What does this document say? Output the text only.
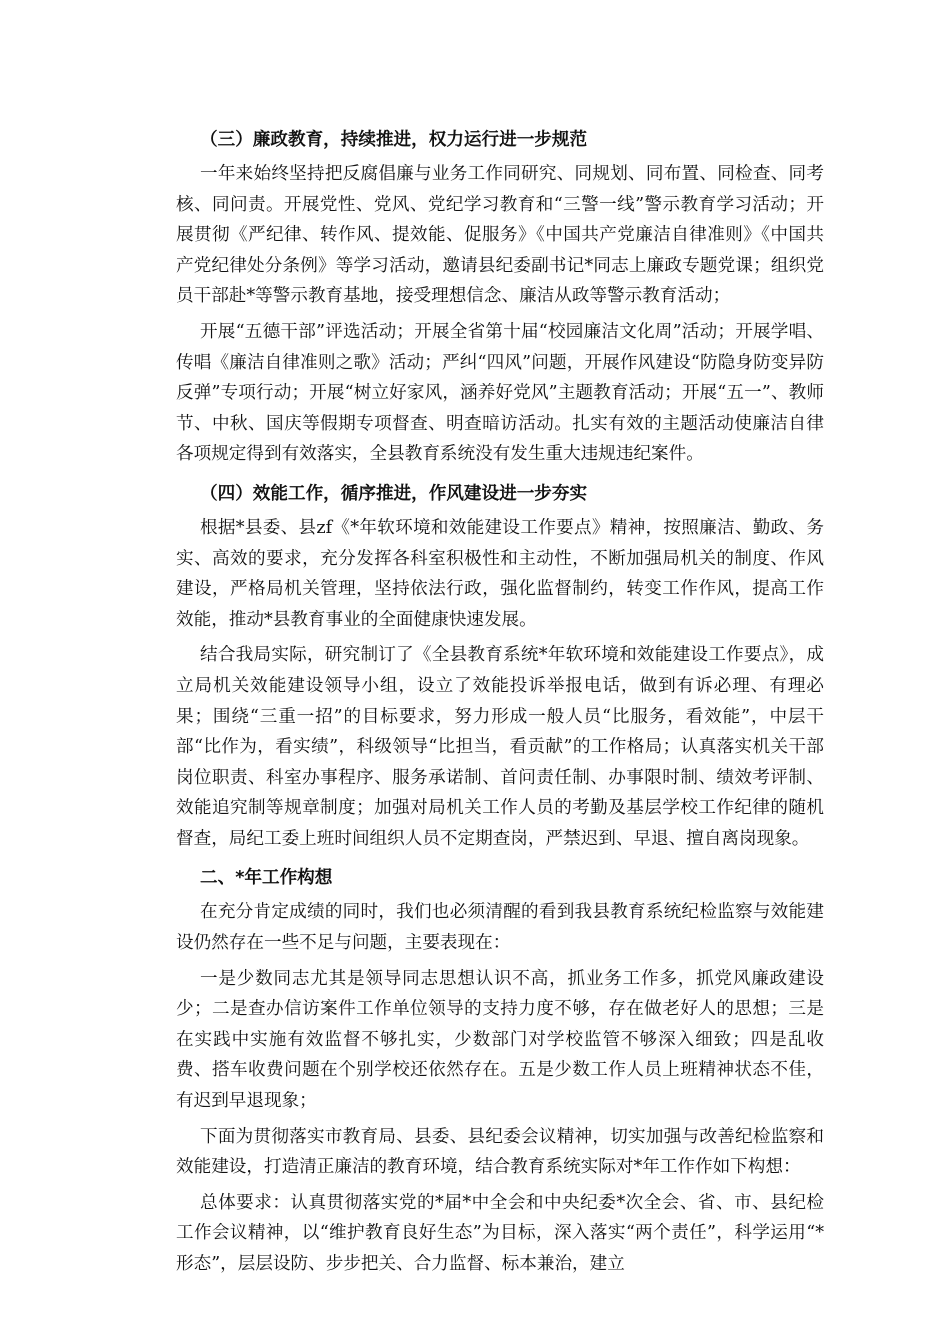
（三）廉政教育，持续推进，权力运行进一步规范

一年来始终坚持把反腐倡廉与业务工作同研究、同规划、同布置、同检查、同考核、同问责。开展党性、党风、党纪学习教育和“三警一线”警示教育学习活动；开展贯彻《严纪律、转作风、提效能、促服务》《中国共产党廉洁自律准则》《中国共产党纪律处分条例》等学习活动，邀请县纪委副书记*同志上廉政专题党课；组织党员干部赴*等警示教育基地，接受理想信念、廉洁从政等警示教育活动；

开展“五德干部”评选活动；开展全省第十届“校园廉洁文化周”活动；开展学唱、传唱《廉洁自律准则之歌》活动；严纠“四风”问题，开展作风建设“防隐身防变异防反弹”专项行动；开展“树立好家风，涵养好党风”主题教育活动；开展“五一”、教师节、中秋、国庆等假期专项督查、明查暗访活动。扎实有效的主题活动使廉洁自律各项规定得到有效落实，全县教育系统没有发生重大违规违纪案件。

（四）效能工作，循序推进，作风建设进一步夯实

根据*县委、县zf《*年软环境和效能建设工作要点》精神，按照廉洁、勤政、务实、高效的要求，充分发挥各科室积极性和主动性，不断加强局机关的制度、作风建设，严格局机关管理，坚持依法行政，强化监督制约，转变工作作风，提高工作效能，推动*县教育事业的全面健康快速发展。

结合我局实际，研究制订了《全县教育系统*年软环境和效能建设工作要点》，成立局机关效能建设领导小组，设立了效能投诉举报电话，做到有诉必理、有理必果；围绕“三重一招”的目标要求，努力形成一般人员“比服务，看效能”，中层干部“比作为，看实绩”，科级领导“比担当，看贡献”的工作格局；认真落实机关干部岗位职责、科室办事程序、服务承诺制、首问责任制、办事限时制、绩效考评制、效能追究制等规章制度；加强对局机关工作人员的考勤及基层学校工作纪律的随机督查，局纪工委上班时间组织人员不定期查岗，严禁迟到、早退、擅自离岗现象。

二、*年工作构想

在充分肯定成绩的同时，我们也必须清醒的看到我县教育系统纪检监察与效能建设仍然存在一些不足与问题，主要表现在：

一是少数同志尤其是领导同志思想认识不高，抓业务工作多，抓党风廉政建设少；二是查办信访案件工作单位领导的支持力度不够，存在做老好人的思想；三是在实践中实施有效监督不够扎实，少数部门对学校监管不够深入细致；四是乱收费、搭车收费问题在个别学校还依然存在。五是少数工作人员上班精神状态不佳，有迟到早退现象；

下面为贯彻落实市教育局、县委、县纪委会议精神，切实加强与改善纪检监察和效能建设，打造清正廉洁的教育环境，结合教育系统实际对*年工作作如下构想：

总体要求：认真贯彻落实党的*届*中全会和中央纪委*次全会、省、市、县纪检工作会议精神，以“维护教育良好生态”为目标，深入落实“两个责任”，科学运用“*形态”，层层设防、步步把关、合力监督、标本兼治，建立
